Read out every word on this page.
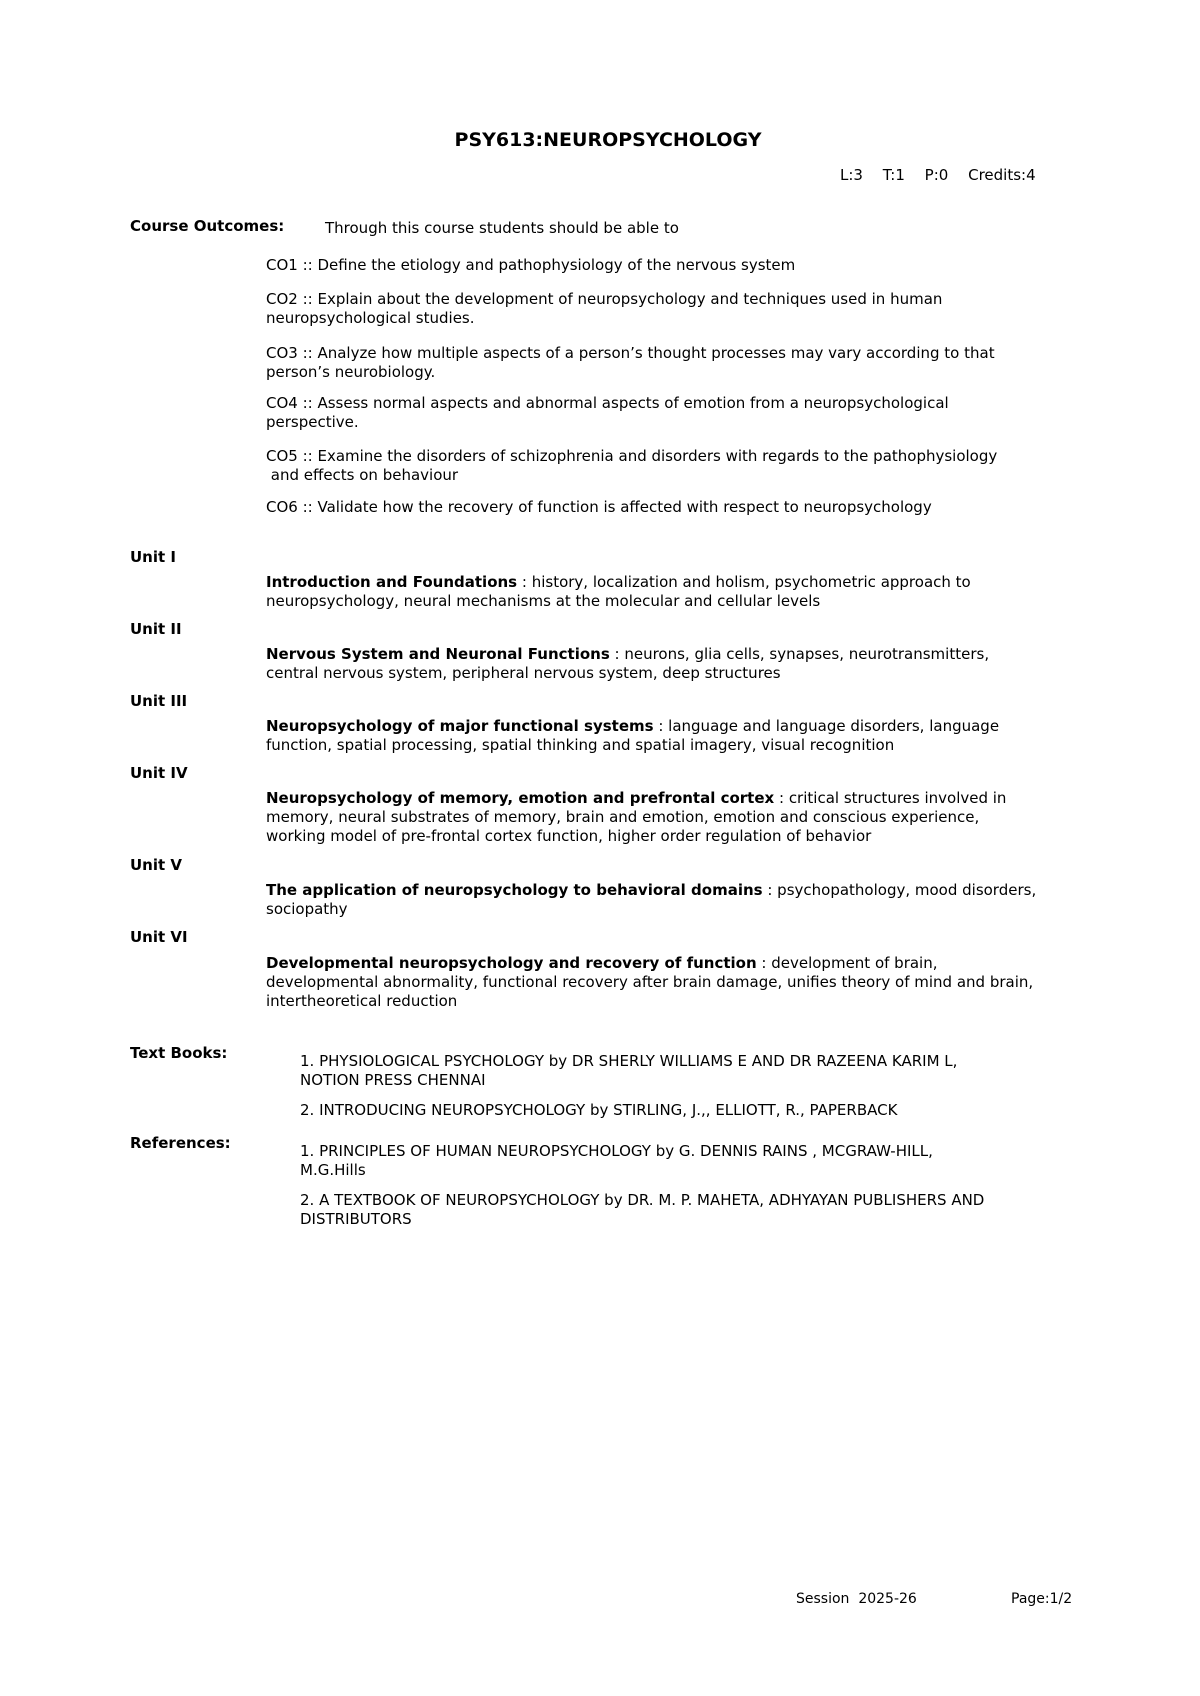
PSY613:NEUROPSYCHOLOGY
L:3 T:1 P:0 Credits:4
Course Outcomes:	Through this course students should be able to
CO1 :: Define the etiology and pathophysiology of the nervous system
CO2 :: Explain about the development of neuropsychology and techniques used in human
neuropsychological studies.
CO3 :: Analyze how multiple aspects of a person’s thought processes may vary according to that
person’s neurobiology.
CO4 :: Assess normal aspects and abnormal aspects of emotion from a neuropsychological
perspective.
CO5 :: Examine the disorders of schizophrenia and disorders with regards to the pathophysiology
and effects on behaviour
CO6 :: Validate how the recovery of function is affected with respect to neuropsychology
Unit I
Introduction and Foundations : history, localization and holism, psychometric approach to
neuropsychology, neural mechanisms at the molecular and cellular levels
Unit II
Nervous System and Neuronal Functions : neurons, glia cells, synapses, neurotransmitters,
central nervous system, peripheral nervous system, deep structures
Unit III
Neuropsychology of major functional systems : language and language disorders, language
function, spatial processing, spatial thinking and spatial imagery, visual recognition
Unit IV
Neuropsychology of memory, emotion and prefrontal cortex : critical structures involved in
memory, neural substrates of memory, brain and emotion, emotion and conscious experience,
working model of pre-frontal cortex function, higher order regulation of behavior
Unit V
The application of neuropsychology to behavioral domains : psychopathology, mood disorders,
sociopathy
Unit VI
Developmental neuropsychology and recovery of function : development of brain,
developmental abnormality, functional recovery after brain damage, unifies theory of mind and brain,
intertheoretical reduction
Text Books:	1. PHYSIOLOGICAL PSYCHOLOGY by DR SHERLY WILLIAMS E AND DR RAZEENA KARIM L,
NOTION PRESS CHENNAI
2. INTRODUCING NEUROPSYCHOLOGY by STIRLING, J.,, ELLIOTT, R., PAPERBACK
References:	1. PRINCIPLES OF HUMAN NEUROPSYCHOLOGY by G. DENNIS RAINS , MCGRAW-HILL,
M.G.Hills
2. A TEXTBOOK OF NEUROPSYCHOLOGY by DR. M. P. MAHETA, ADHYAYAN PUBLISHERS AND
DISTRIBUTORS
Session  2025-26	Page:1/2
